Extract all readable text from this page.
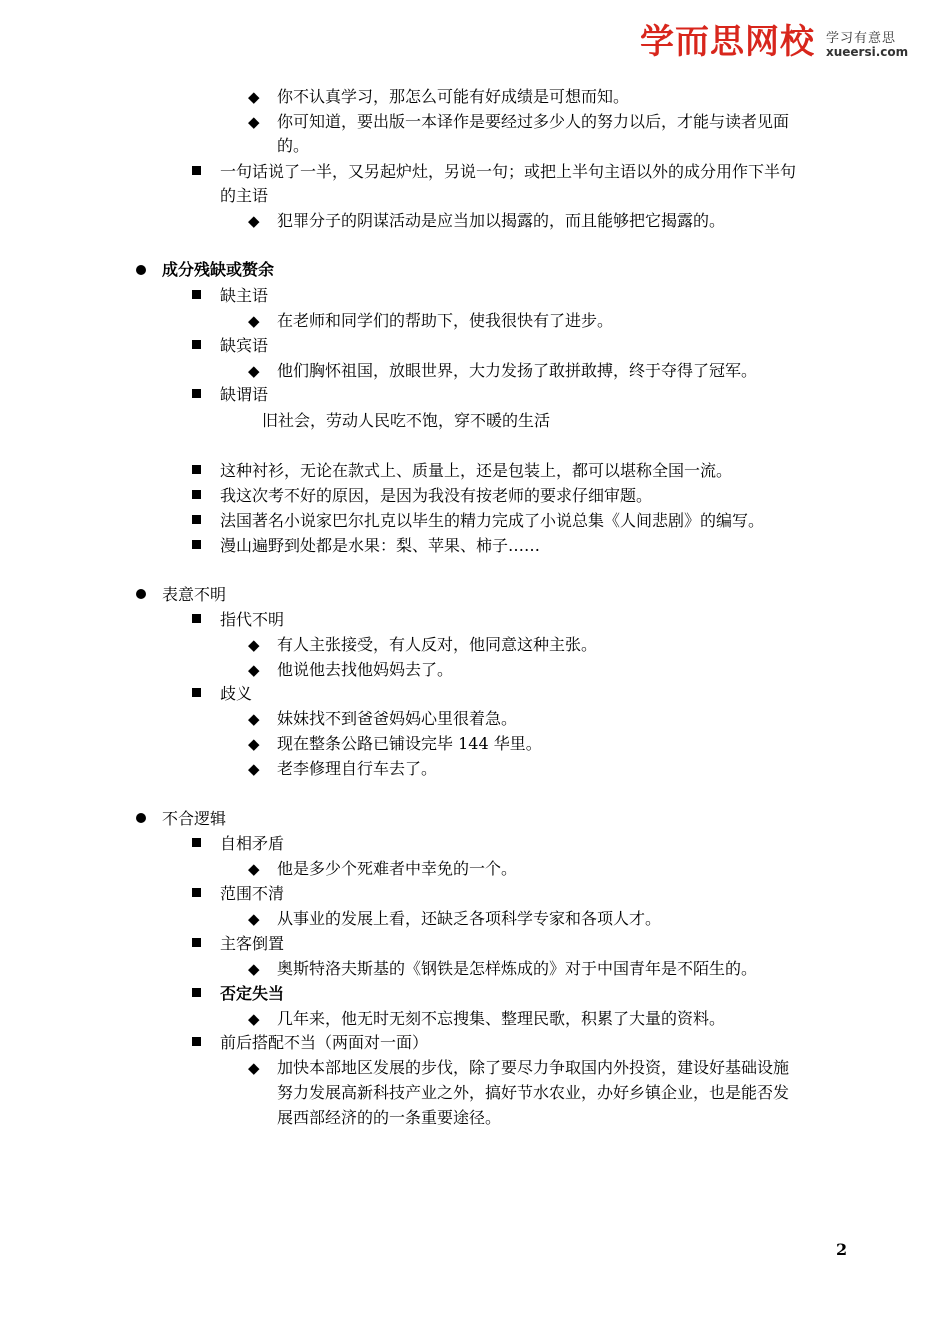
学而思网校 学习有意思
xueersi.com
◆ 你不认真学习，那怎么可能有好成绩是可想而知。
◆ 你可知道，要出版一本译作是要经过多少人的努力以后，才能与读者见面
的。
一句话说了一半，又另起炉灶，另说一句；或把上半句主语以外的成分用作下半句
的主语
◆ 犯罪分子的阴谋活动是应当加以揭露的，而且能够把它揭露的。
成分残缺或赘余
缺主语
◆ 在老师和同学们的帮助下，使我很快有了进步。
缺宾语
◆ 他们胸怀祖国，放眼世界，大力发扬了敢拼敢搏，终于夺得了冠军。
缺谓语
旧社会，劳动人民吃不饱，穿不暖的生活
这种衬衫，无论在款式上、质量上，还是包装上，都可以堪称全国一流。
我这次考不好的原因，是因为我没有按老师的要求仔细审题。
法国著名小说家巴尔扎克以毕生的精力完成了小说总集《人间悲剧》的编写。
漫山遍野到处都是水果：梨、苹果、柿子……
表意不明
指代不明
◆ 有人主张接受，有人反对，他同意这种主张。
◆ 他说他去找他妈妈去了。
歧义
◆ 妹妹找不到爸爸妈妈心里很着急。
◆ 现在整条公路已铺设完毕 144 华里。
◆ 老李修理自行车去了。
不合逻辑
自相矛盾
◆ 他是多少个死难者中幸免的一个。
范围不清
◆ 从事业的发展上看，还缺乏各项科学专家和各项人才。
主客倒置
◆ 奥斯特洛夫斯基的《钢铁是怎样炼成的》对于中国青年是不陌生的。
否定失当
◆ 几年来，他无时无刻不忘搜集、整理民歌，积累了大量的资料。
前后搭配不当（两面对一面）
◆ 加快本部地区发展的步伐，除了要尽力争取国内外投资，建设好基础设施
努力发展高新科技产业之外，搞好节水农业，办好乡镇企业，也是能否发
展西部经济的的一条重要途径。
2
